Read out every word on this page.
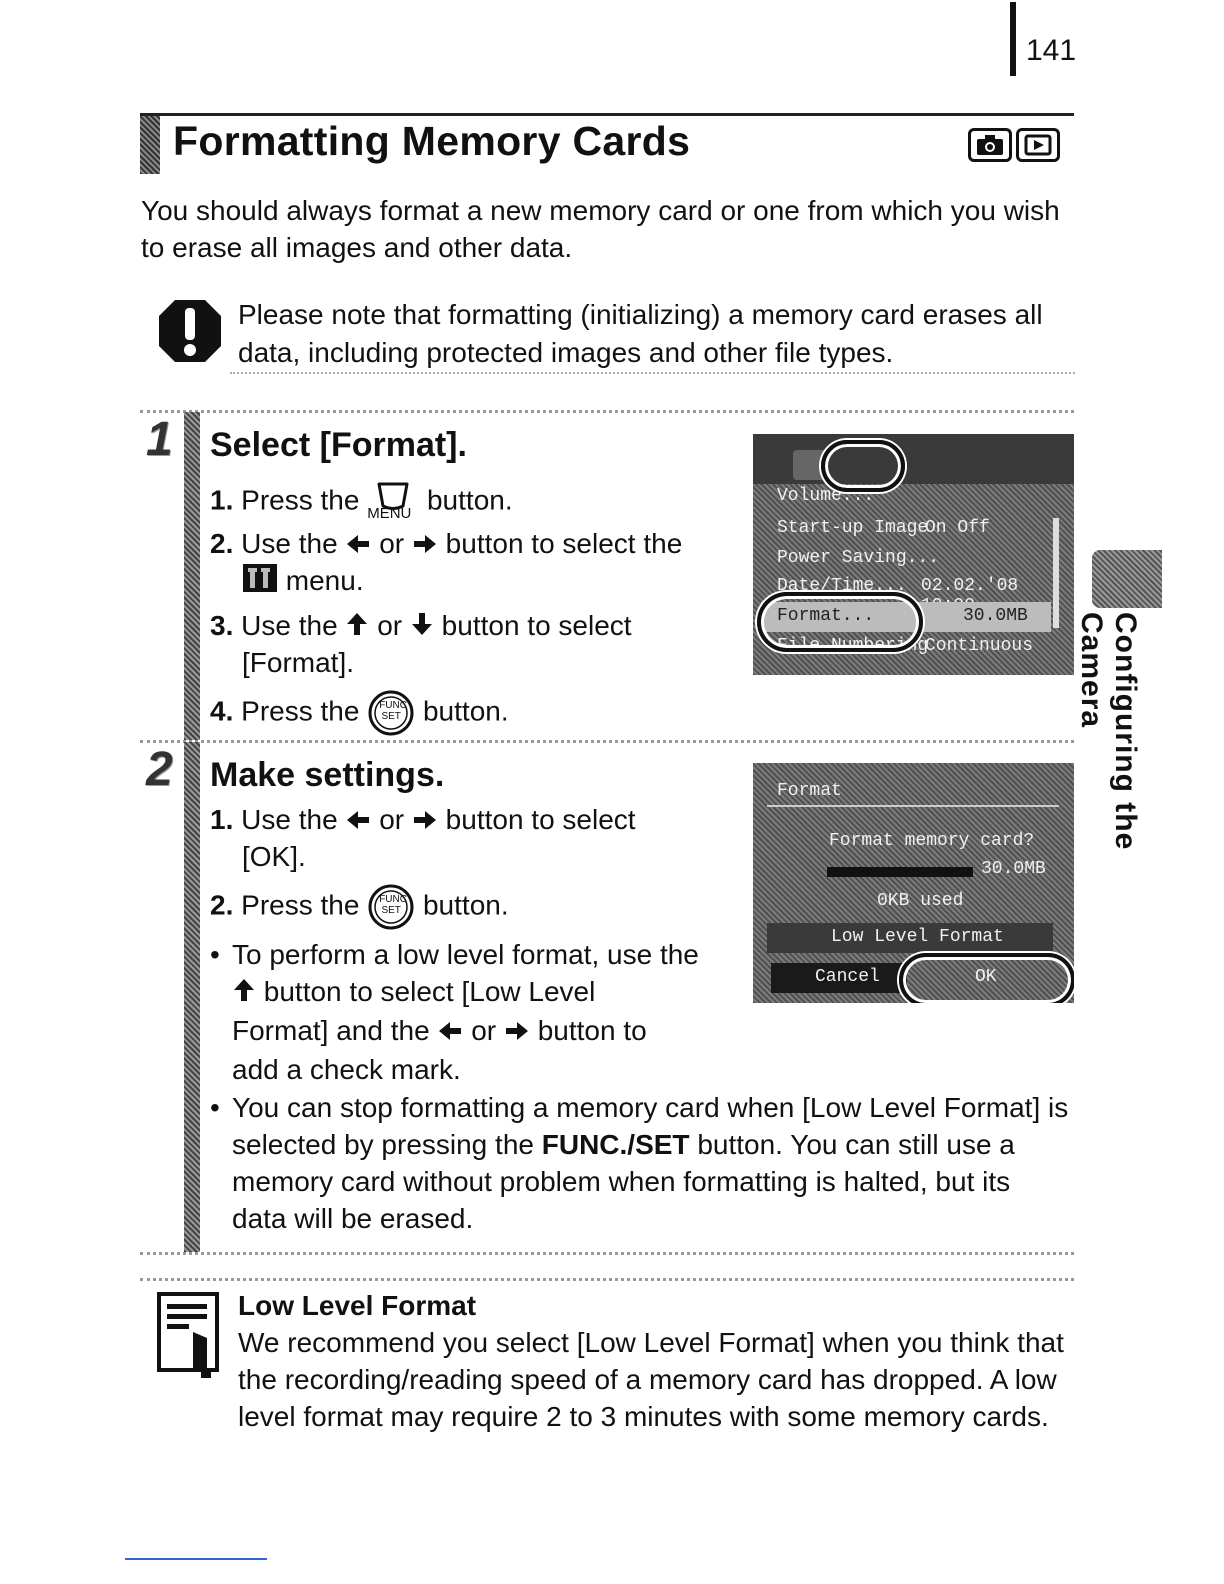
141
Formatting Memory Cards
You should always format a new memory card or one from which you wish to erase all images and other data.
Please note that formatting (initializing) a memory card erases all data, including protected images and other file types.
1 Select [Format].
1. Press the MENU button.
2. Use the or button to select the
menu.
3. Use the or button to select
[Format].
4. Press the FUNC SET button.
Volume...
Start-up Image
On Off
Power Saving...
Date/Time... 02.02.'08
Format...	30.0MB
File Numbering
Continuous
2 Make settings.
1. Use the or button to select
[OK].
2. Press the FUNC SET button.
• To perform a low level format, use the
button to select [Low Level
Format] and the or button to
add a check mark.
• You can stop formatting a memory card when [Low Level Format] is selected by pressing the FUNC./SET button. You can still use a memory card without problem when formatting is halted, but its data will be erased.
Format
Format memory card?
30.0MB
0KB used
Low Level Format
Cancel	OK
Low Level Format
We recommend you select [Low Level Format] when you think that the recording/reading speed of a memory card has dropped. A low level format may require 2 to 3 minutes with some memory cards.
Configuring the Camera
